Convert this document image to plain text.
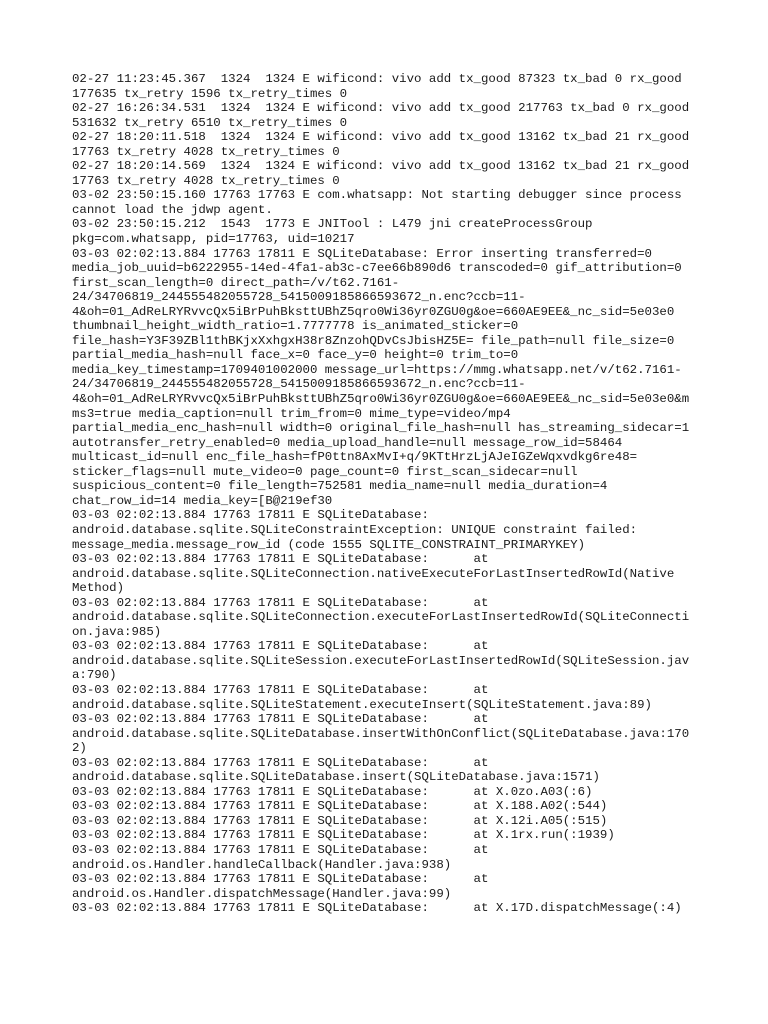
02-27 11:23:45.367  1324  1324 E wificond: vivo add tx_good 87323 tx_bad 0 rx_good
177635 tx_retry 1596 tx_retry_times 0
02-27 16:26:34.531  1324  1324 E wificond: vivo add tx_good 217763 tx_bad 0 rx_good
531632 tx_retry 6510 tx_retry_times 0
02-27 18:20:11.518  1324  1324 E wificond: vivo add tx_good 13162 tx_bad 21 rx_good
17763 tx_retry 4028 tx_retry_times 0
02-27 18:20:14.569  1324  1324 E wificond: vivo add tx_good 13162 tx_bad 21 rx_good
17763 tx_retry 4028 tx_retry_times 0
03-02 23:50:15.160 17763 17763 E com.whatsapp: Not starting debugger since process
cannot load the jdwp agent.
03-02 23:50:15.212  1543  1773 E JNITool : L479 jni createProcessGroup
pkg=com.whatsapp, pid=17763, uid=10217
03-03 02:02:13.884 17763 17811 E SQLiteDatabase: Error inserting transferred=0
media_job_uuid=b6222955-14ed-4fa1-ab3c-c7ee66b890d6 transcoded=0 gif_attribution=0
first_scan_length=0 direct_path=/v/t62.7161-
24/34706819_244555482055728_5415009185866593672_n.enc?ccb=11-
4&oh=01_AdReLRYRvvcQx5iBrPuhBksttUBhZ5qro0Wi36yr0ZGU0g&oe=660AE9EE&_nc_sid=5e03e0
thumbnail_height_width_ratio=1.7777778 is_animated_sticker=0
file_hash=Y3F39ZBl1thBKjxXxhgxH38r8ZnzohQDvCsJbisHZ5E= file_path=null file_size=0
partial_media_hash=null face_x=0 face_y=0 height=0 trim_to=0
media_key_timestamp=1709401002000 message_url=https://mmg.whatsapp.net/v/t62.7161-
24/34706819_244555482055728_5415009185866593672_n.enc?ccb=11-
4&oh=01_AdReLRYRvvcQx5iBrPuhBksttUBhZ5qro0Wi36yr0ZGU0g&oe=660AE9EE&_nc_sid=5e03e0&m
ms3=true media_caption=null trim_from=0 mime_type=video/mp4
partial_media_enc_hash=null width=0 original_file_hash=null has_streaming_sidecar=1
autotransfer_retry_enabled=0 media_upload_handle=null message_row_id=58464
multicast_id=null enc_file_hash=fP0ttn8AxMvI+q/9KTtHrzLjAJeIGZeWqxvdkg6re48=
sticker_flags=null mute_video=0 page_count=0 first_scan_sidecar=null
suspicious_content=0 file_length=752581 media_name=null media_duration=4
chat_row_id=14 media_key=[B@219ef30
03-03 02:02:13.884 17763 17811 E SQLiteDatabase:
android.database.sqlite.SQLiteConstraintException: UNIQUE constraint failed:
message_media.message_row_id (code 1555 SQLITE_CONSTRAINT_PRIMARYKEY)
03-03 02:02:13.884 17763 17811 E SQLiteDatabase:      at
android.database.sqlite.SQLiteConnection.nativeExecuteForLastInsertedRowId(Native
Method)
03-03 02:02:13.884 17763 17811 E SQLiteDatabase:      at
android.database.sqlite.SQLiteConnection.executeForLastInsertedRowId(SQLiteConnecti
on.java:985)
03-03 02:02:13.884 17763 17811 E SQLiteDatabase:      at
android.database.sqlite.SQLiteSession.executeForLastInsertedRowId(SQLiteSession.jav
a:790)
03-03 02:02:13.884 17763 17811 E SQLiteDatabase:      at
android.database.sqlite.SQLiteStatement.executeInsert(SQLiteStatement.java:89)
03-03 02:02:13.884 17763 17811 E SQLiteDatabase:      at
android.database.sqlite.SQLiteDatabase.insertWithOnConflict(SQLiteDatabase.java:170
2)
03-03 02:02:13.884 17763 17811 E SQLiteDatabase:      at
android.database.sqlite.SQLiteDatabase.insert(SQLiteDatabase.java:1571)
03-03 02:02:13.884 17763 17811 E SQLiteDatabase:      at X.0zo.A03(:6)
03-03 02:02:13.884 17763 17811 E SQLiteDatabase:      at X.188.A02(:544)
03-03 02:02:13.884 17763 17811 E SQLiteDatabase:      at X.12i.A05(:515)
03-03 02:02:13.884 17763 17811 E SQLiteDatabase:      at X.1rx.run(:1939)
03-03 02:02:13.884 17763 17811 E SQLiteDatabase:      at
android.os.Handler.handleCallback(Handler.java:938)
03-03 02:02:13.884 17763 17811 E SQLiteDatabase:      at
android.os.Handler.dispatchMessage(Handler.java:99)
03-03 02:02:13.884 17763 17811 E SQLiteDatabase:      at X.17D.dispatchMessage(:4)
